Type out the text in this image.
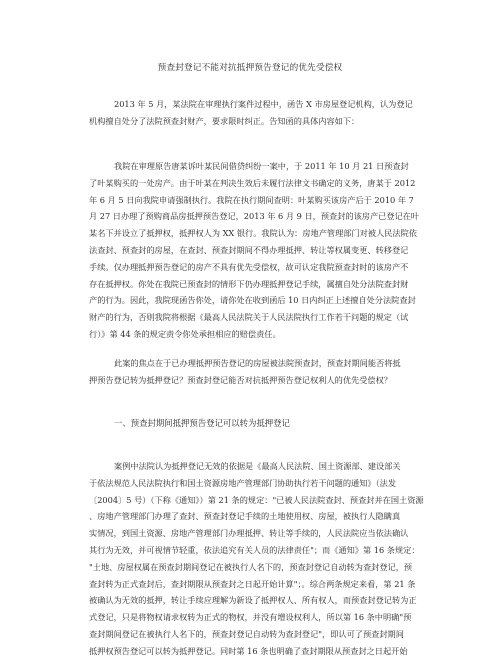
预查封登记不能对抗抵押预告登记的优先受偿权

2013 年 5 月，某法院在审理执行案件过程中，函告 X 市房屋登记机构，认为登记
机构擅自处分了法院预查封财产，要求限时纠正。告知函的具体内容如下：

我院在审理原告唐某诉叶某民间借贷纠纷一案中，于 2011 年 10 月 21 日预查封
了叶某购买的一处房产。由于叶某在判决生效后未履行法律文书确定的义务，唐某于 2012
年 6 月 5 日向我院申请强制执行。我院在执行期间查明：叶某购买该房产后于 2010 年 7
月 27 日办理了预购商品房抵押预告登记，2013 年 6 月 9 日，预查封的该房产已登记在叶
某名下并设立了抵押权，抵押权人为 XX 银行。我院认为：房地产管理部门对被人民法院依
法查封、预查封的房屋，在查封、预查封期间不得办理抵押、转让等权属变更、转移登记
手续。仅办理抵押预告登记的房产不具有优先受偿权，故可认定我院预查封时的该房产不
存在抵押权。你处在我院已预查封的情形下仍办理抵押登记手续，属擅自处分法院查封财
产的行为。因此，我院现函告你处，请你处在收到函后 10 日内纠正上述擅自处分法院查封
财产的行为，否则我院将根据《最高人民法院关于人民法院执行工作若干问题的规定（试
行）》第 44 条的规定责令你处承担相应的赔偿责任。

此案的焦点在于已办理抵押预告登记的房屋被法院预查封，预查封期间能否将抵
押预告登记转为抵押登记？预查封登记能否对抗抵押预告登记权利人的优先受偿权？

一、预查封期间抵押预告登记可以转为抵押登记

案例中法院认为抵押登记无效的依据是《最高人民法院、国土资源部、建设部关
于依法规范人民法院执行和国土资源房地产管理部门协助执行若干问题的通知》（法发
〔2004〕5 号）（下称《通知》）第 21 条的规定："已被人民法院查封、预查封并在国土资源
、房地产管理部门办理了查封、预查封登记手续的土地使用权、房屋，被执行人隐瞒真
实情况，到国土资源、房地产管理部门办理抵押、转让等手续的，人民法院应当依法确认
其行为无效，并可视情节轻重，依法追究有关人员的法律责任"；而《通知》第 16 条规定：
"土地、房屋权属在预查封期间登记在被执行人名下的，预查封登记自动转为查封登记，预
查封转为正式查封后，查封期限从预查封之日起开始计算"；。综合两条规定来看，第 21 条
被确认为无效的抵押，转让手续应理解为新设了抵押权人、所有权人，而预查封登记转为正
式登记，只是将物权请求权转为正式的物权，并没有增设权利人，所以第 16 条中明确"预
查封期间登记在被执行人名下的，预查封登记自动转为查封登记"，即认可了预查封期间
抵押权预告登记可以转为抵押登记。同时第 16 条也明确了查封期限从预查封之日起开始
